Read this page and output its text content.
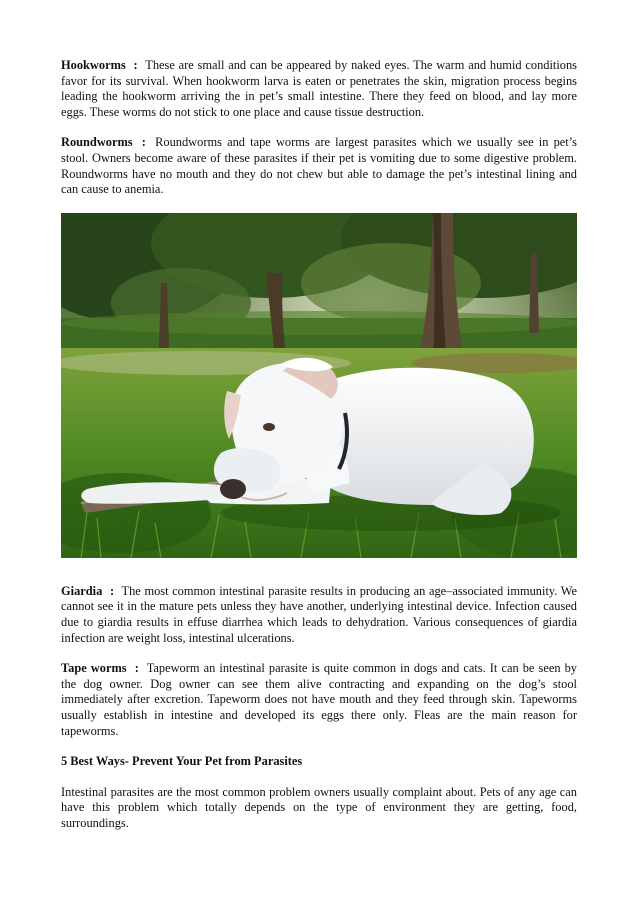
Hookworms : These are small and can be appeared by naked eyes. The warm and humid conditions favor for its survival. When hookworm larva is eaten or penetrates the skin, migration process begins leading the hookworm arriving the in pet’s small intestine. There they feed on blood, and lay more eggs. These worms do not stick to one place and cause tissue destruction.

Roundworms : Roundworms and tape worms are largest parasites which we usually see in pet’s stool. Owners become aware of these parasites if their pet is vomiting due to some digestive problem. Roundworms have no mouth and they do not chew but able to damage the pet’s intestinal lining and can cause to anemia.

Giardia : The most common intestinal parasite results in producing an age–associated immunity. We cannot see it in the mature pets unless they have another, underlying intestinal device. Infection caused due to giardia results in effuse diarrhea which leads to dehydration. Various consequences of giardia infection are weight loss, intestinal ulcerations.

Tape worms : Tapeworm an intestinal parasite is quite common in dogs and cats. It can be seen by the dog owner. Dog owner can see them alive contracting and expanding on the dog’s stool immediately after excretion. Tapeworm does not have mouth and they feed through skin. Tapeworms usually establish in intestine and developed its eggs there only. Fleas are the main reason for tapeworms.

5 Best Ways- Prevent Your Pet from Parasites

Intestinal parasites are the most common problem owners usually complaint about. Pets of any age can have this problem which totally depends on the type of environment they are getting, food, surroundings.
